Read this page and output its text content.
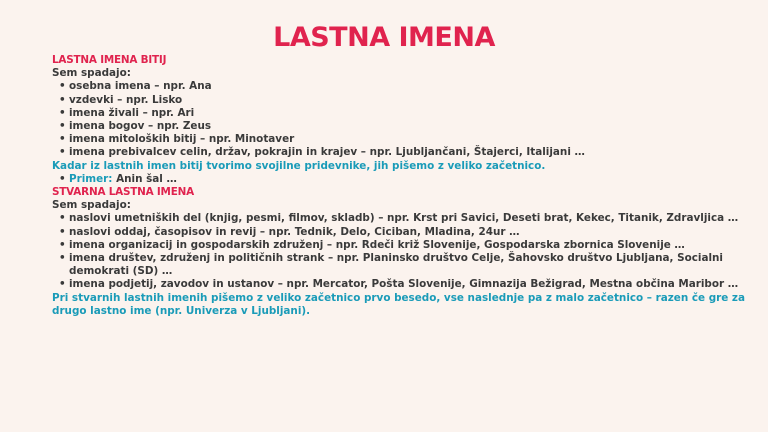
LASTNA IMENA
LASTNA IMENA BITIJ
Sem spadajo:
• osebna imena – npr. Ana
• vzdevki – npr. Lisko
• imena živali – npr. Ari
• imena bogov – npr. Zeus
• imena mitoloških bitij – npr. Minotaver
• imena prebivalcev celin, držav, pokrajin in krajev – npr. Ljubljančani, Štajerci, Italijani …
Kadar iz lastnih imen bitij tvorimo svojilne pridevnike, jih pišemo z veliko začetnico.
• Primer: Anin šal …
STVARNA LASTNA IMENA
Sem spadajo:
• naslovi umetniških del (knjig, pesmi, filmov, skladb) – npr. Krst pri Savici, Deseti brat, Kekec, Titanik, Zdravljica …
• naslovi oddaj, časopisov in revij – npr. Tednik, Delo, Ciciban, Mladina, 24ur …
• imena organizacij in gospodarskih združenj – npr. Rdeči križ Slovenije, Gospodarska zbornica Slovenije …
• imena društev, združenj in političnih strank – npr. Planinsko društvo Celje, Šahovsko društvo Ljubljana, Socialni demokrati (SD) …
• imena podjetij, zavodov in ustanov – npr. Mercator, Pošta Slovenije, Gimnazija Bežigrad, Mestna občina Maribor …
Pri stvarnih lastnih imenih pišemo z veliko začetnico prvo besedo, vse naslednje pa z malo začetnico – razen če gre za drugo lastno ime (npr. Univerza v Ljubljani).
